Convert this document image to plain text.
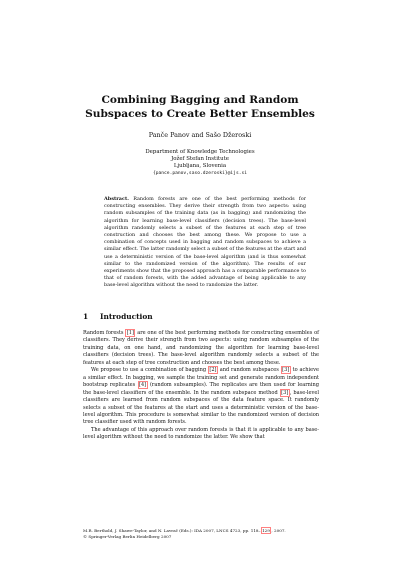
Combining Bagging and Random Subspaces to Create Better Ensembles
Panče Panov and Sašo Džeroski
Department of Knowledge Technologies
Jožef Stefan Institute
Ljubljana, Slovenia
{pance.panov,saso.dzeroski}@ijs.si
Abstract. Random forests are one of the best performing methods for constructing ensembles. They derive their strength from two aspects: using random subsamples of the training data (as in bagging) and randomizing the algorithm for learning base-level classifiers (decision trees). The base-level algorithm randomly selects a subset of the features at each step of tree construction and chooses the best among these. We propose to use a combination of concepts used in bagging and random subspaces to achieve a similar effect. The latter randomly select a subset of the features at the start and use a deterministic version of the base-level algorithm (and is thus somewhat similar to the randomized version of the algorithm). The results of our experiments show that the proposed approach has a comparable performance to that of random forests, with the added advantage of being applicable to any base-level algorithm without the need to randomize the latter.
1 Introduction

Random forests [1] are one of the best performing methods for constructing ensembles of classifiers. They derive their strength from two aspects: using random subsamples of the training data, on one hand, and randomizing the algorithm for learning base-level classifiers (decision trees). The base-level algorithm randomly selects a subset of the features at each step of tree construction and chooses the best among these.

We propose to use a combination of bagging [2] and random subspaces [3] to achieve a similar effect. In bagging, we sample the training set and generate random independent bootstrap replicates [4] (random subsamples). The replicates are then used for learning the base-level classifiers of the ensemble. In the random subspace method [3] , base-level classifiers are learned from random subspaces of the data feature space. It randomly selects a subset of the features at the start and uses a deterministic version of the base-level algorithm. This procedure is somewhat similar to the randomized version of decision tree classifier used with random forests.

The advantage of this approach over random forests is that it is applicable to any base-level algorithm without the need to randomize the latter. We show that

M.R. Berthold, J. Shawe-Taylor, and N. Lavrač (Eds.): IDA 2007, LNCS 4723, pp. 118– 129 , 2007.
© Springer-Verlag Berlin Heidelberg 2007
